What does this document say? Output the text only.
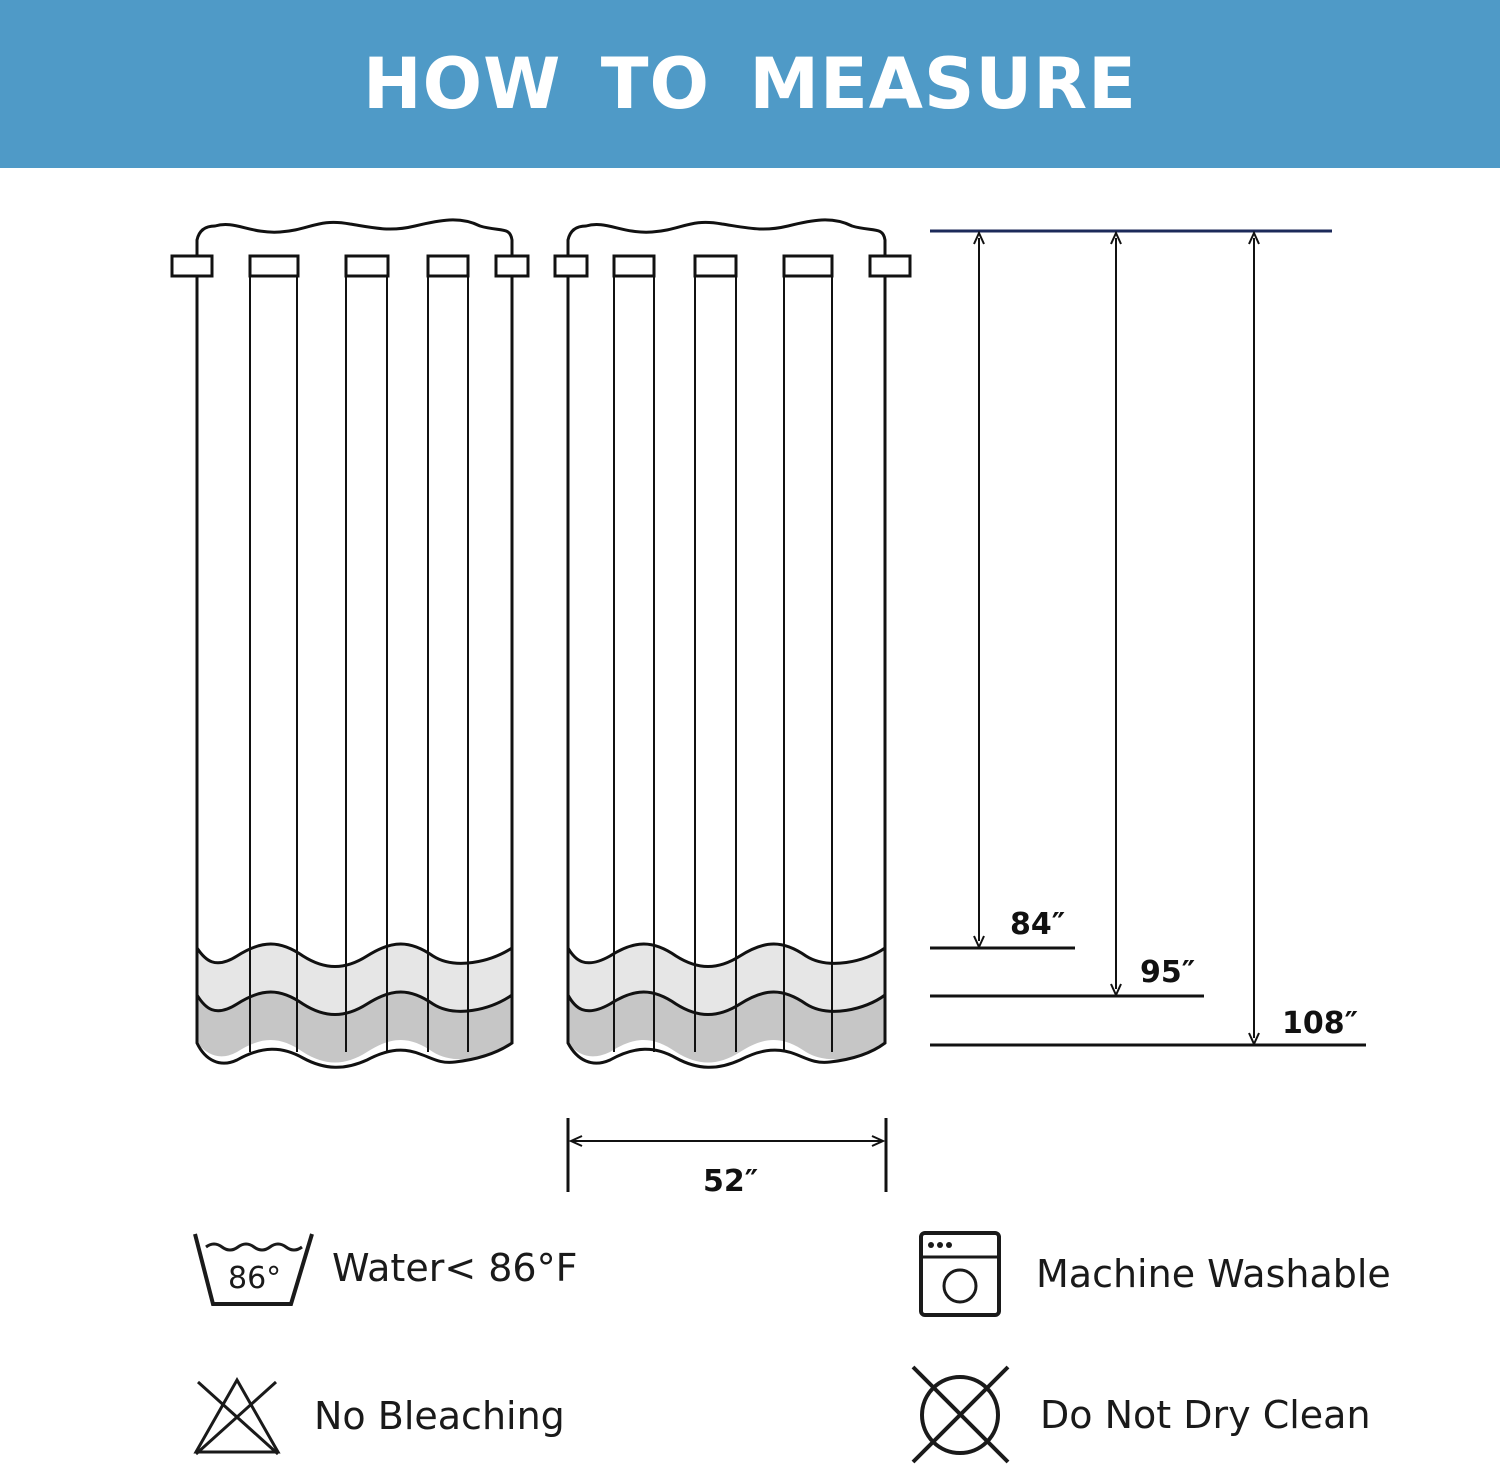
HOW TO MEASURE
84″
95″
108″
52″
86° Water< 86°F	Machine Washable
No Bleaching	Do Not Dry Clean
